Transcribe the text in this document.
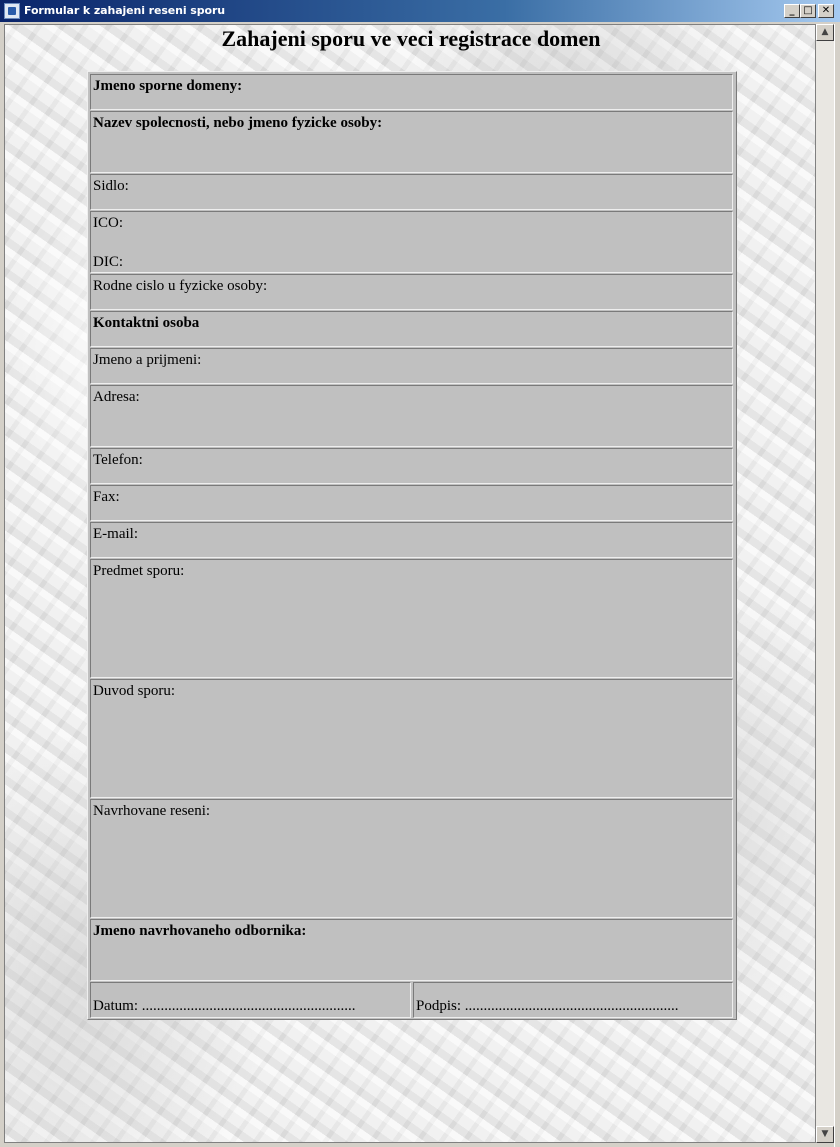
Formular k zahajeni reseni sporu	_ □ ✕
Zahajeni sporu ve veci registrace domen
Jmeno sporne domeny:
Nazev spolecnosti, nebo jmeno fyzicke osoby:
Sidlo:
ICO:
DIC:
Rodne cislo u fyzicke osoby:
Kontaktni osoba
Jmeno a prijmeni:
Adresa:
Telefon:
Fax:
E-mail:
Predmet sporu:
Duvod sporu:
Navrhovane reseni:
Jmeno navrhovaneho odbornika:
Datum: .........................................................	Podpis: .........................................................
▲
▼
